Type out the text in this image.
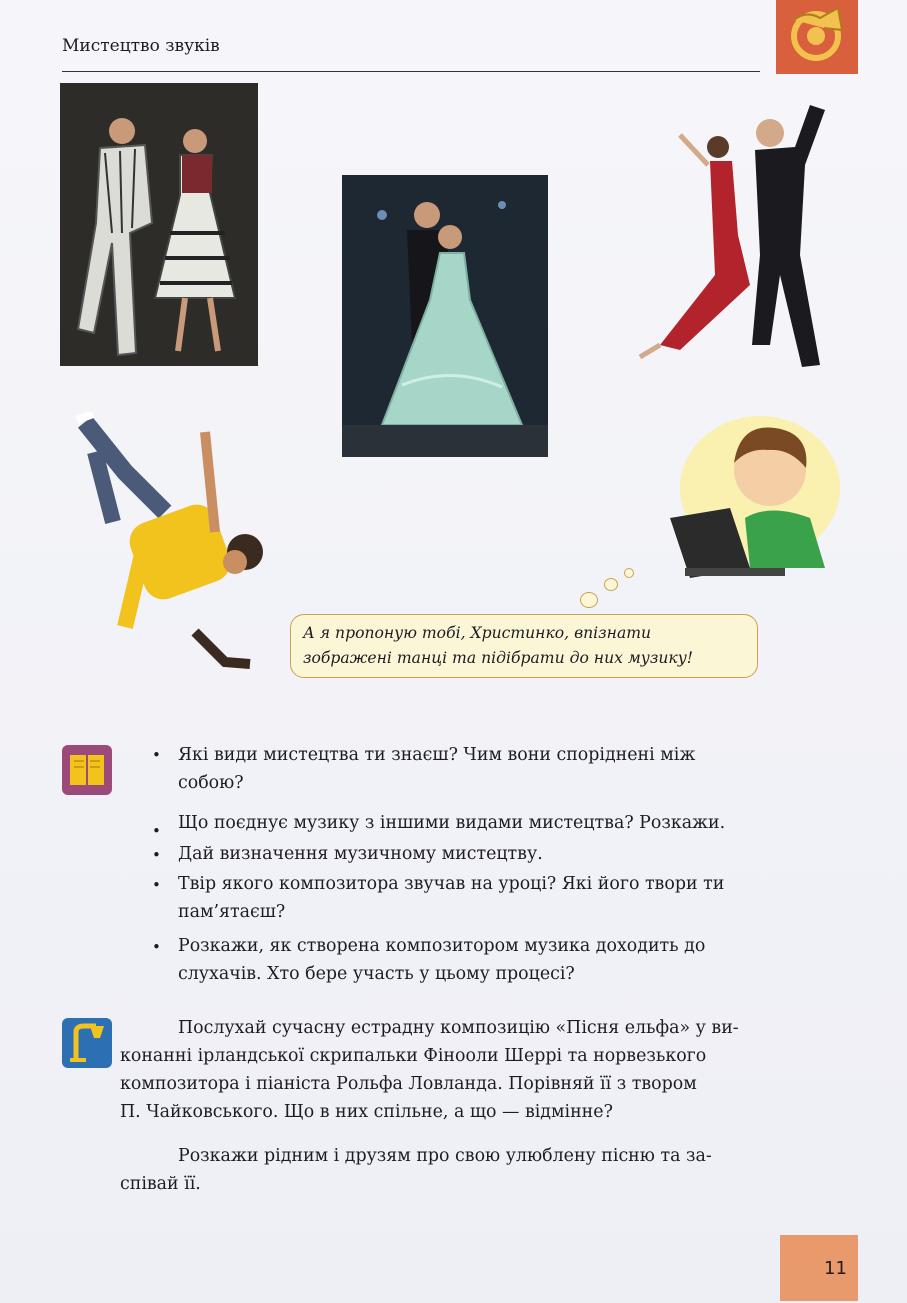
Мистецтво звуків
А я пропоную тобі, Христинко, впізнати зображені танці та підібрати до них музику!
• Які види мистецтва ти знаєш? Чим вони споріднені між
собою?
• Що поєднує музику з іншими видами мистецтва? Розкажи.
• Дай визначення музичному мистецтву.
• Твір якого композитора звучав на уроці? Які його твори ти
пам’ятаєш?
• Розкажи, як створена композитором музика доходить до
слухачів. Хто бере участь у цьому процесі?
Послухай сучасну естрадну композицію «Пісня ельфа» у ви-
конанні ірландської скрипальки Фіноoли Шеррі та норвезького
композитора і піаніста Рольфа Ловланда. Порівняй її з твором
П. Чайковського. Що в них спільне, а що — відмінне?
Розкажи рідним і друзям про свою улюблену пісню та за-
співай її.
11
